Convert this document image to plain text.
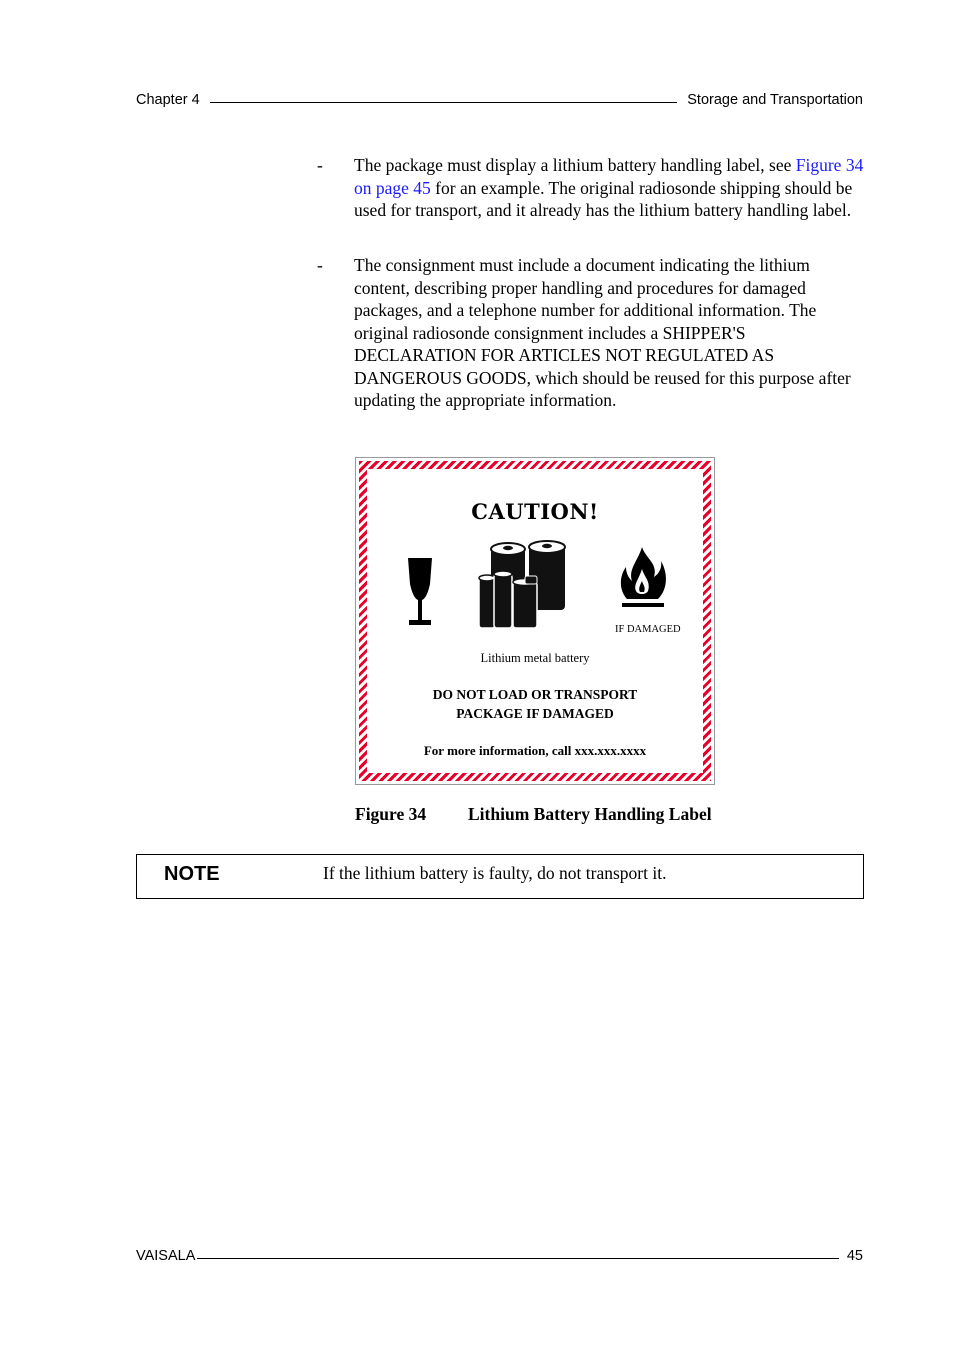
Chapter 4	Storage and Transportation
- The package must display a lithium battery handling label, see Figure 34 on page 45 for an example. The original radiosonde shipping should be used for transport, and it already has the lithium battery handling label.
- The consignment must include a document indicating the lithium content, describing proper handling and procedures for damaged packages, and a telephone number for additional information. The original radiosonde consignment includes a SHIPPER'S DECLARATION FOR ARTICLES NOT REGULATED AS DANGEROUS GOODS, which should be reused for this purpose after updating the appropriate information.
CAUTION!
IF DAMAGED
Lithium metal battery
DO NOT LOAD OR TRANSPORT
PACKAGE IF DAMAGED
For more information, call xxx.xxx.xxxx
Figure 34 Lithium Battery Handling Label
NOTE	If the lithium battery is faulty, do not transport it.
VAISALA	45
